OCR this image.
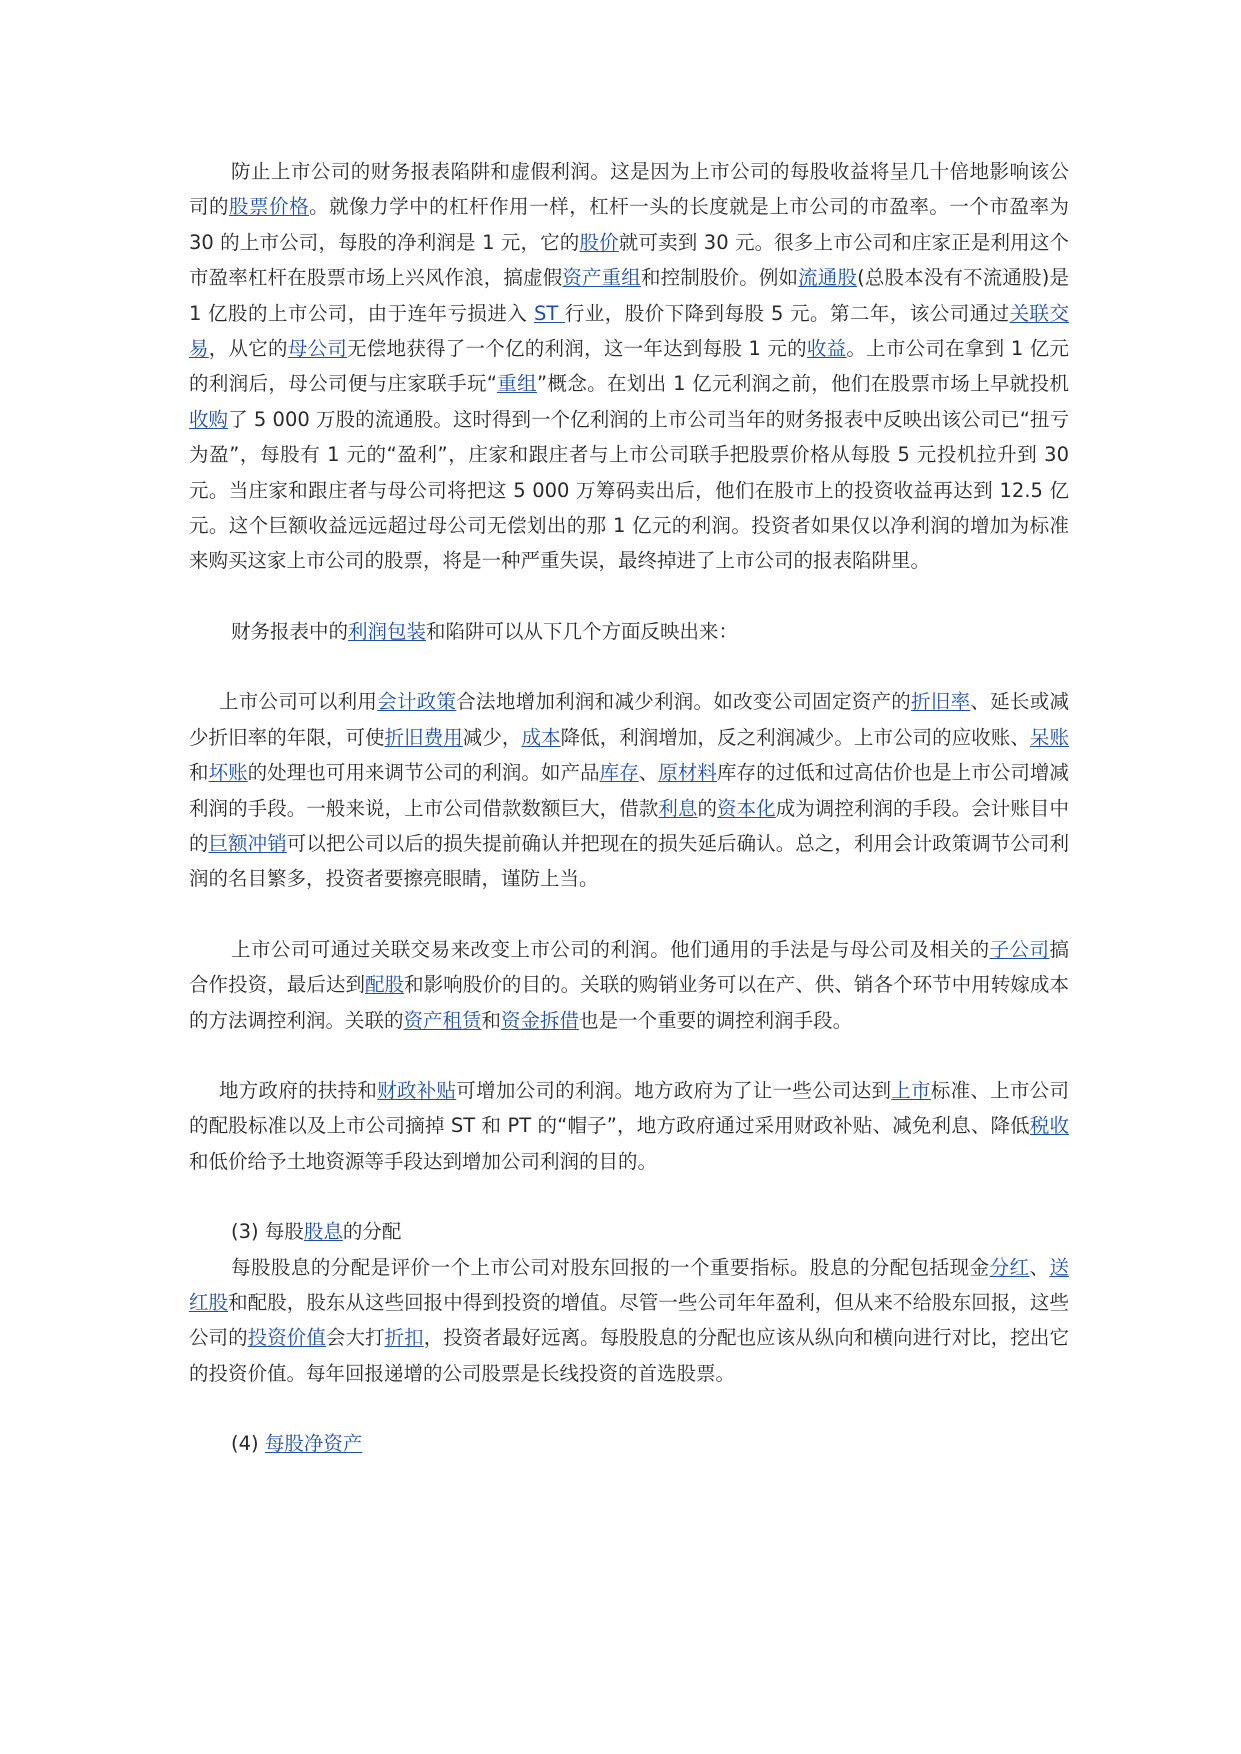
防止上市公司的财务报表陷阱和虚假利润。这是因为上市公司的每股收益将呈几十倍地影响该公司的股票价格。就像力学中的杠杆作用一样，杠杆一头的长度就是上市公司的市盈率。一个市盈率为 30 的上市公司，每股的净利润是 1 元，它的股价就可卖到 30 元。很多上市公司和庄家正是利用这个市盈率杠杆在股票市场上兴风作浪，搞虚假资产重组和控制股价。例如流通股(总股本没有不流通股)是 1 亿股的上市公司，由于连年亏损进入 ST 行业，股价下降到每股 5 元。第二年，该公司通过关联交易，从它的母公司无偿地获得了一个亿的利润，这一年达到每股 1 元的收益。上市公司在拿到 1 亿元的利润后，母公司便与庄家联手玩“重组”概念。在划出 1 亿元利润之前，他们在股票市场上早就投机收购了 5 000 万股的流通股。这时得到一个亿利润的上市公司当年的财务报表中反映出该公司已“扭亏为盈”，每股有 1 元的“盈利”，庄家和跟庄者与上市公司联手把股票价格从每股 5 元投机拉升到 30 元。当庄家和跟庄者与母公司将把这 5 000 万筹码卖出后，他们在股市上的投资收益再达到 12.5 亿元。这个巨额收益远远超过母公司无偿划出的那 1 亿元的利润。投资者如果仅以净利润的增加为标准来购买这家上市公司的股票，将是一种严重失误，最终掉进了上市公司的报表陷阱里。

财务报表中的利润包装和陷阱可以从下几个方面反映出来：

上市公司可以利用会计政策合法地增加利润和减少利润。如改变公司固定资产的折旧率、延长或减少折旧率的年限，可使折旧费用减少，成本降低，利润增加，反之利润减少。上市公司的应收账、呆账和坏账的处理也可用来调节公司的利润。如产品库存、原材料库存的过低和过高估价也是上市公司增减利润的手段。一般来说，上市公司借款数额巨大，借款利息的资本化成为调控利润的手段。会计账目中的巨额冲销可以把公司以后的损失提前确认并把现在的损失延后确认。总之，利用会计政策调节公司利润的名目繁多，投资者要擦亮眼睛，谨防上当。

上市公司可通过关联交易来改变上市公司的利润。他们通用的手法是与母公司及相关的子公司搞合作投资，最后达到配股和影响股价的目的。关联的购销业务可以在产、供、销各个环节中用转嫁成本的方法调控利润。关联的资产租赁和资金拆借也是一个重要的调控利润手段。

地方政府的扶持和财政补贴可增加公司的利润。地方政府为了让一些公司达到上市标准、上市公司的配股标准以及上市公司摘掉 ST 和 PT 的“帽子”，地方政府通过采用财政补贴、减免利息、降低税收和低价给予土地资源等手段达到增加公司利润的目的。

(3) 每股股息的分配

每股股息的分配是评价一个上市公司对股东回报的一个重要指标。股息的分配包括现金分红、送红股和配股，股东从这些回报中得到投资的增值。尽管一些公司年年盈利，但从来不给股东回报，这些公司的投资价值会大打折扣，投资者最好远离。每股股息的分配也应该从纵向和横向进行对比，挖出它的投资价值。每年回报递增的公司股票是长线投资的首选股票。

(4) 每股净资产
